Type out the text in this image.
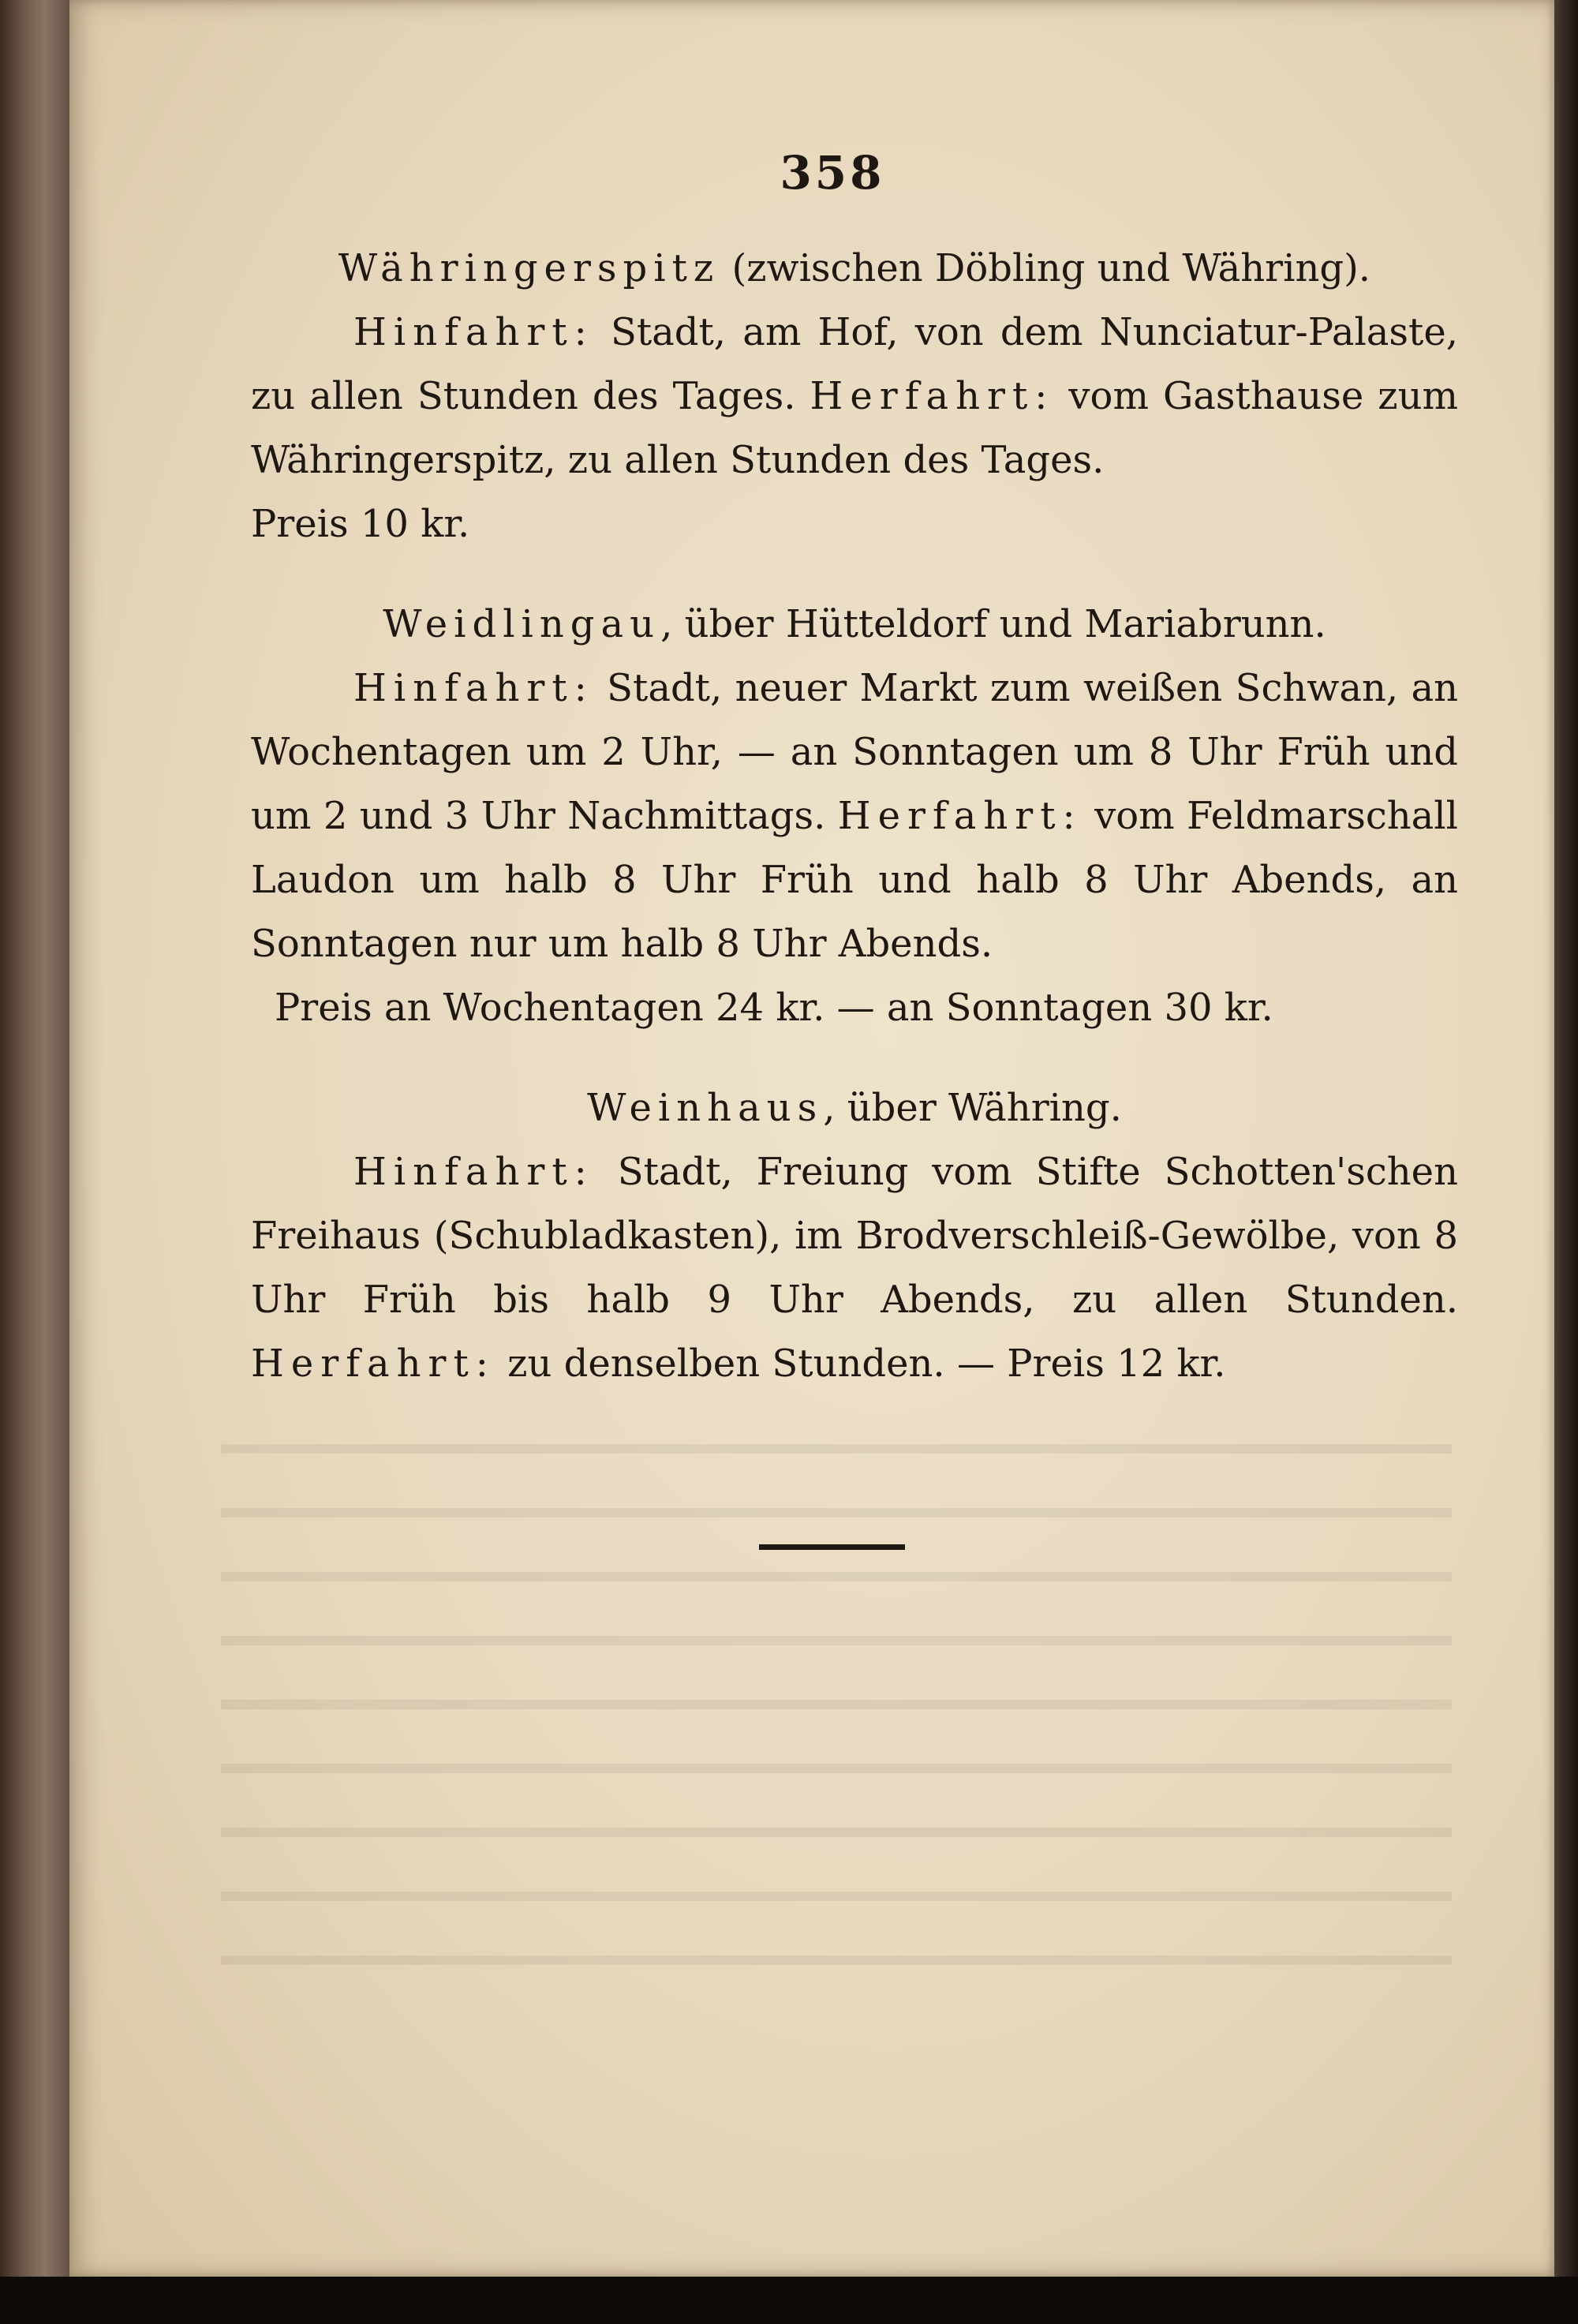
358

Währingerspitz (zwischen Döbling und Währing).

Hinfahrt: Stadt, am Hof, von dem Nunciatur-Palaste, zu allen Stunden des Tages. Herfahrt: vom Gasthause zum Währingerspitz, zu allen Stunden des Tages.

Preis 10 kr.

Weidlingau, über Hütteldorf und Mariabrunn.

Hinfahrt: Stadt, neuer Markt zum weißen Schwan, an Wochentagen um 2 Uhr, — an Sonntagen um 8 Uhr Früh und um 2 und 3 Uhr Nachmittags. Herfahrt: vom Feldmarschall Laudon um halb 8 Uhr Früh und halb 8 Uhr Abends, an Sonntagen nur um halb 8 Uhr Abends.

Preis an Wochentagen 24 kr. — an Sonntagen 30 kr.

Weinhaus, über Währing.

Hinfahrt: Stadt, Freiung vom Stifte Schotten'schen Freihaus (Schubladkasten), im Brodverschleiß-Gewölbe, von 8 Uhr Früh bis halb 9 Uhr Abends, zu allen Stunden. Herfahrt: zu denselben Stunden. — Preis 12 kr.
